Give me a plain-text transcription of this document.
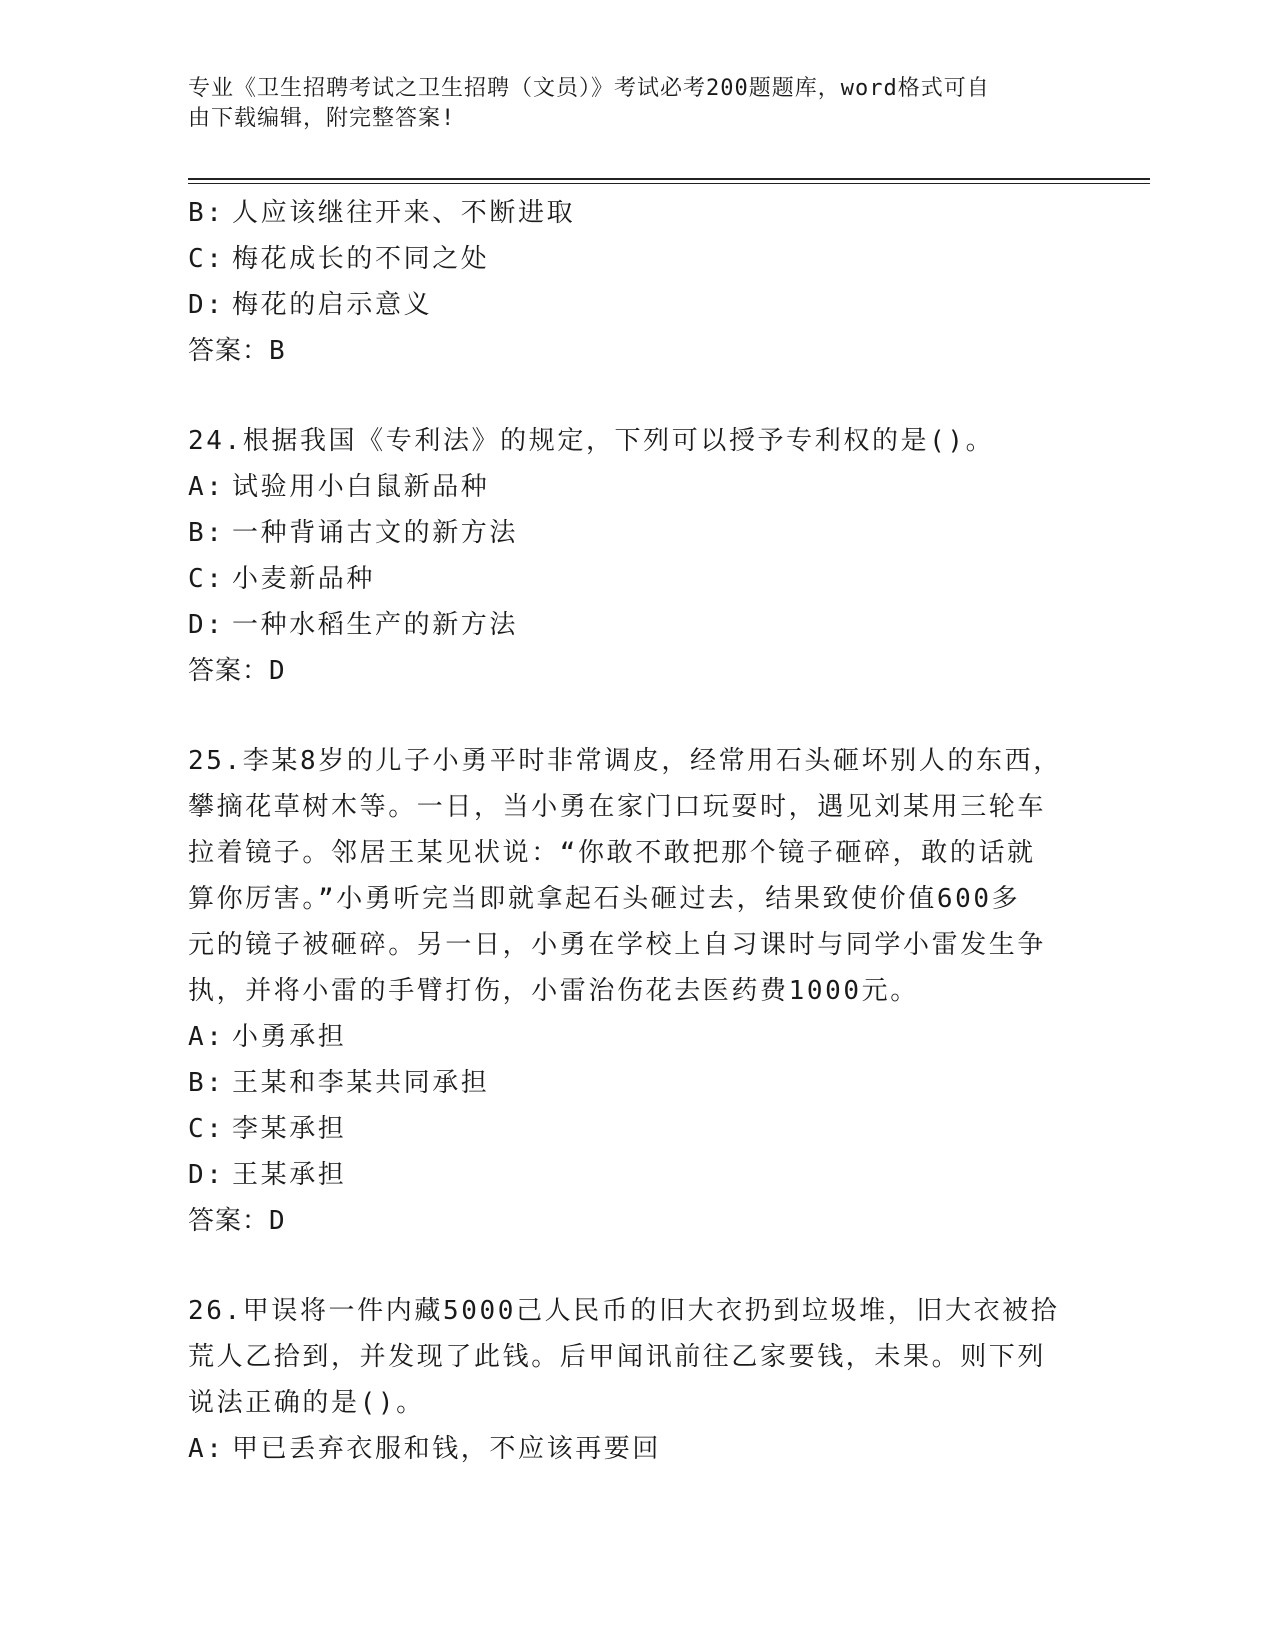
专业《卫生招聘考试之卫生招聘（文员）》考试必考200题题库，word格式可自
由下载编辑，附完整答案!
B: 人应该继往开来、不断进取
C: 梅花成长的不同之处
D: 梅花的启示意义
答案：B
24.根据我国《专利法》的规定，下列可以授予专利权的是()。
A: 试验用小白鼠新品种
B: 一种背诵古文的新方法
C: 小麦新品种
D: 一种水稻生产的新方法
答案：D
25.李某8岁的儿子小勇平时非常调皮，经常用石头砸坏别人的东西，
攀摘花草树木等。一日，当小勇在家门口玩耍时，遇见刘某用三轮车
拉着镜子。邻居王某见状说：“你敢不敢把那个镜子砸碎，敢的话就
算你厉害。”小勇听完当即就拿起石头砸过去，结果致使价值600多
元的镜子被砸碎。另一日，小勇在学校上自习课时与同学小雷发生争
执，并将小雷的手臂打伤，小雷治伤花去医药费1000元。
A: 小勇承担
B: 王某和李某共同承担
C: 李某承担
D: 王某承担
答案：D
26.甲误将一件内藏5000己人民币的旧大衣扔到垃圾堆，旧大衣被拾
荒人乙拾到，并发现了此钱。后甲闻讯前往乙家要钱，未果。则下列
说法正确的是()。
A: 甲已丢弃衣服和钱，不应该再要回
